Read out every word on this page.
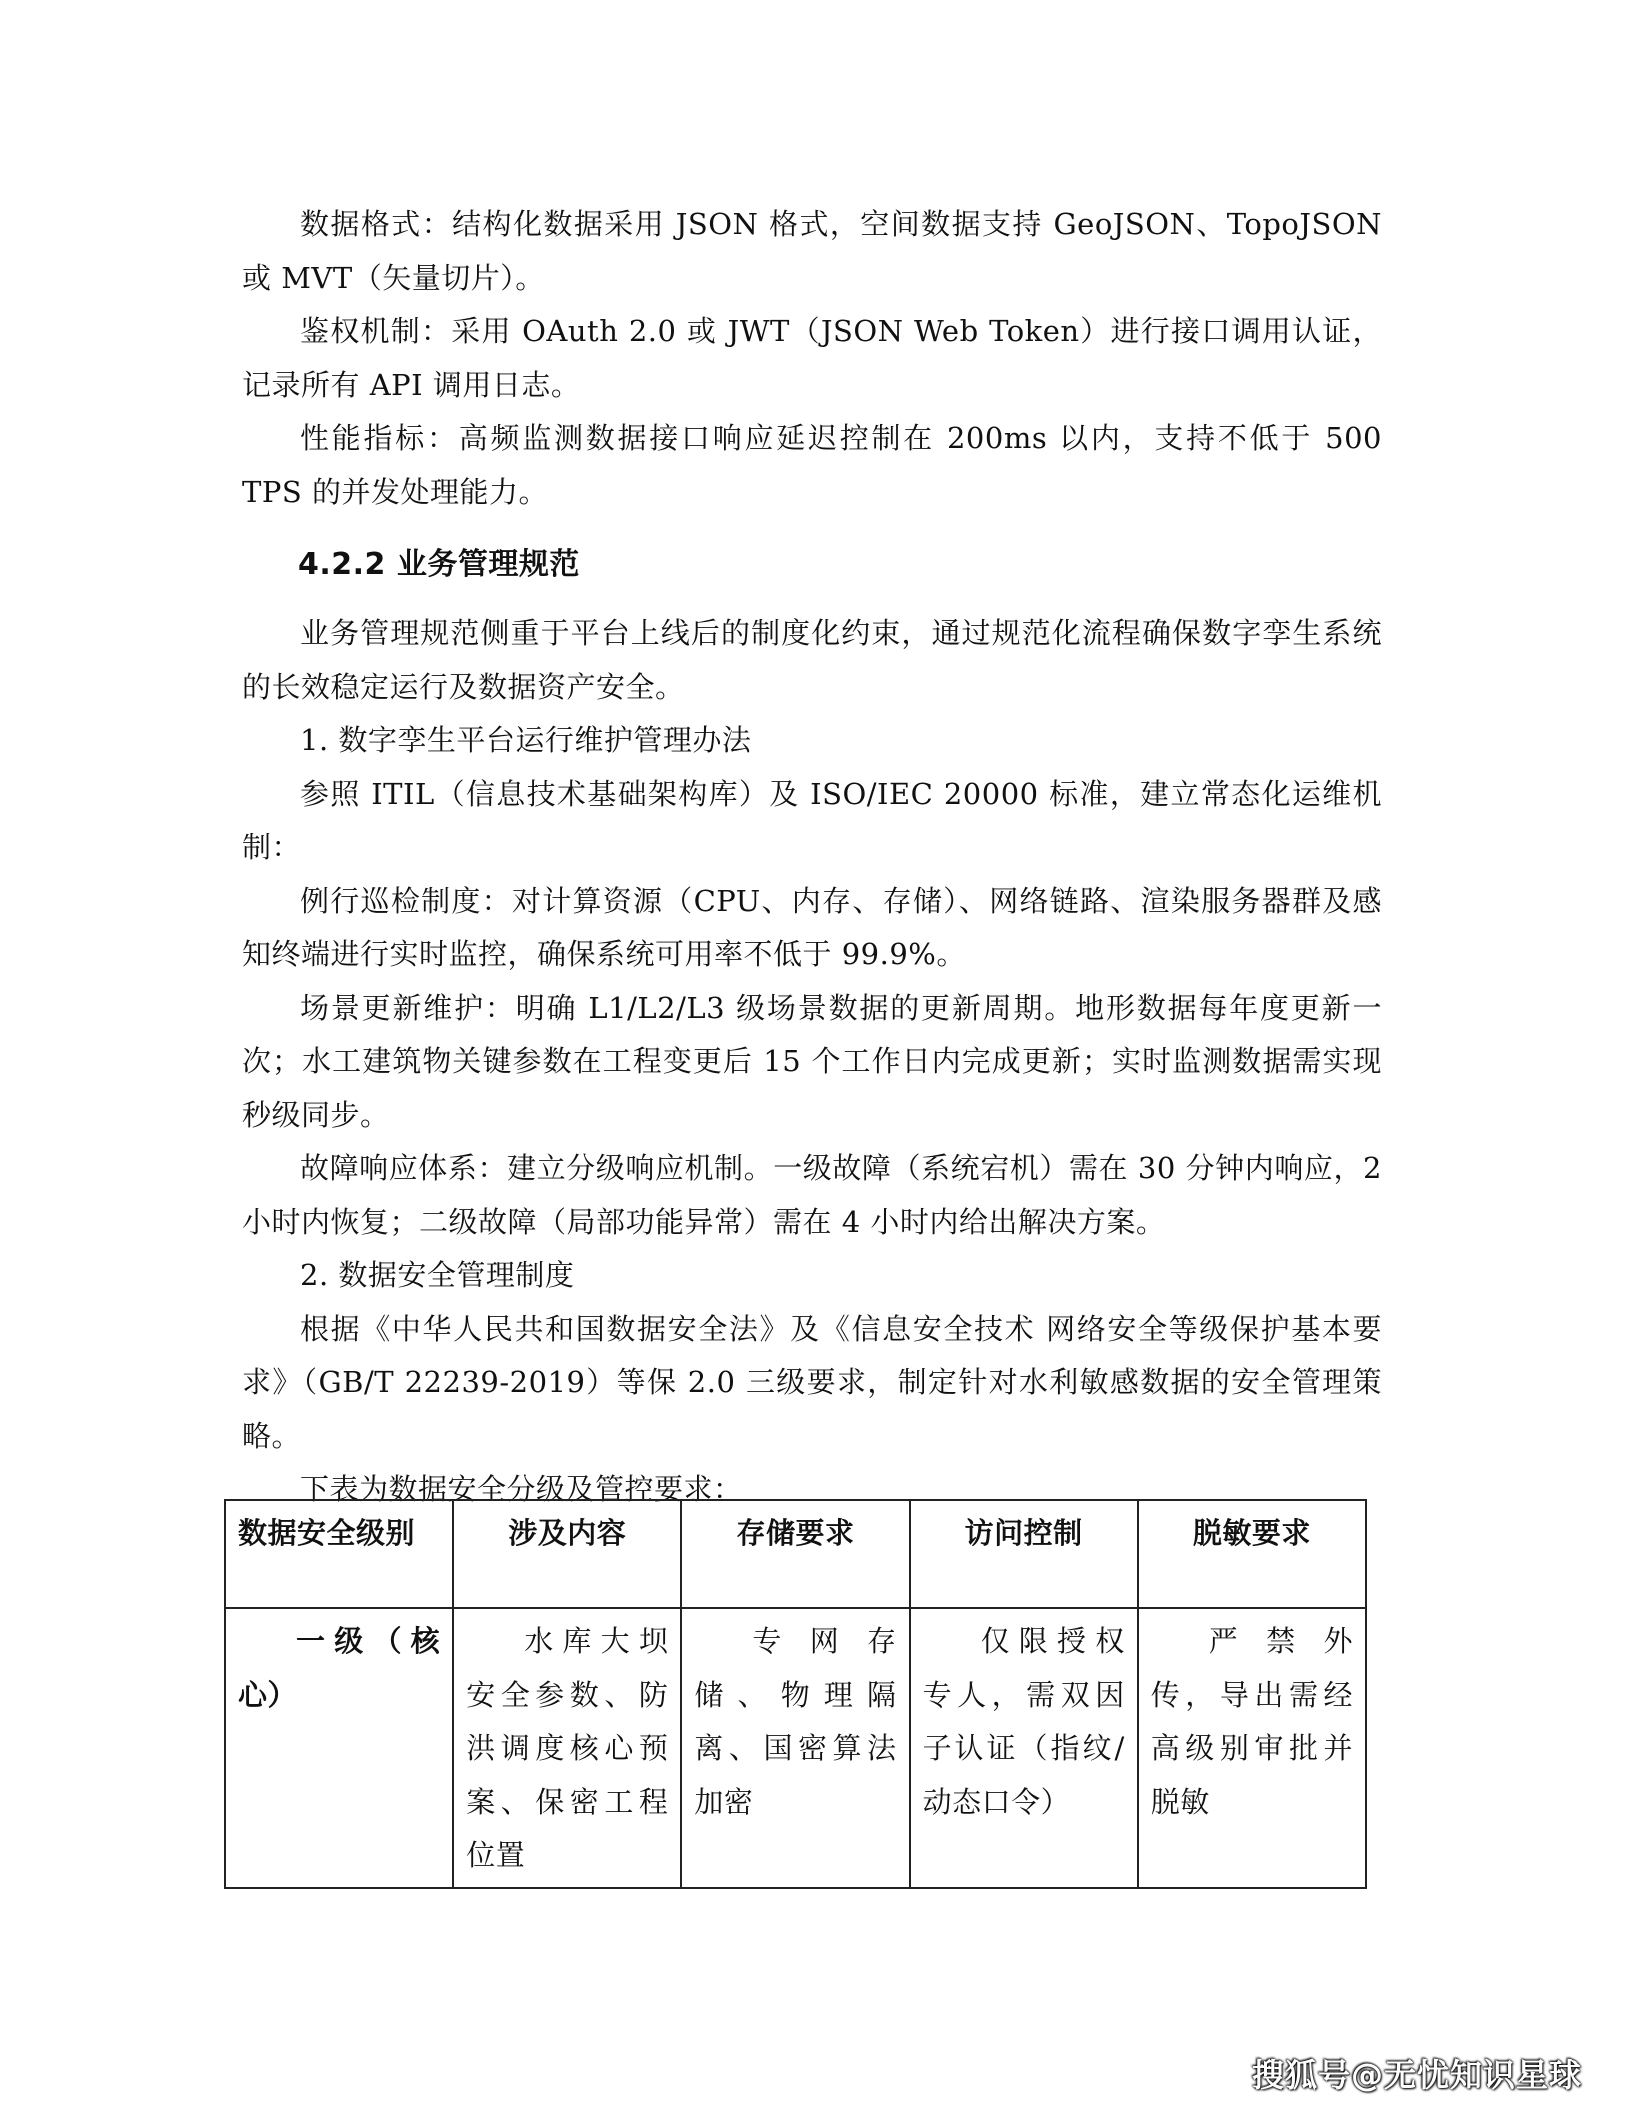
数据格式：结构化数据采用 JSON 格式，空间数据支持 GeoJSON、TopoJSON 或 MVT（矢量切片）。

鉴权机制：采用 OAuth 2.0 或 JWT（JSON Web Token）进行接口调用认证，记录所有 API 调用日志。

性能指标：高频监测数据接口响应延迟控制在 200ms 以内，支持不低于 500 TPS 的并发处理能力。

4.2.2 业务管理规范

业务管理规范侧重于平台上线后的制度化约束，通过规范化流程确保数字孪生系统的长效稳定运行及数据资产安全。

1. 数字孪生平台运行维护管理办法

参照 ITIL（信息技术基础架构库）及 ISO/IEC 20000 标准，建立常态化运维机制：

例行巡检制度：对计算资源（CPU、内存、存储）、网络链路、渲染服务器群及感知终端进行实时监控，确保系统可用率不低于 99.9%。

场景更新维护：明确 L1/L2/L3 级场景数据的更新周期。地形数据每年度更新一次；水工建筑物关键参数在工程变更后 15 个工作日内完成更新；实时监测数据需实现秒级同步。

故障响应体系：建立分级响应机制。一级故障（系统宕机）需在 30 分钟内响应，2 小时内恢复；二级故障（局部功能异常）需在 4 小时内给出解决方案。

2. 数据安全管理制度

根据《中华人民共和国数据安全法》及《信息安全技术 网络安全等级保护基本要求》（GB/T 22239-2019）等保 2.0 三级要求，制定针对水利敏感数据的安全管理策略。

下表为数据安全分级及管控要求：

数据安全级别	涉及内容	存储要求	访问控制	脱敏要求
一级（核心）	水库大坝安全参数、防洪调度核心预案、保密工程位置	专网存储、物理隔离、国密算法加密	仅限授权专人，需双因子认证（指纹/动态口令）	严禁外传，导出需经高级别审批并脱敏
搜狐号@无忧知识星球
